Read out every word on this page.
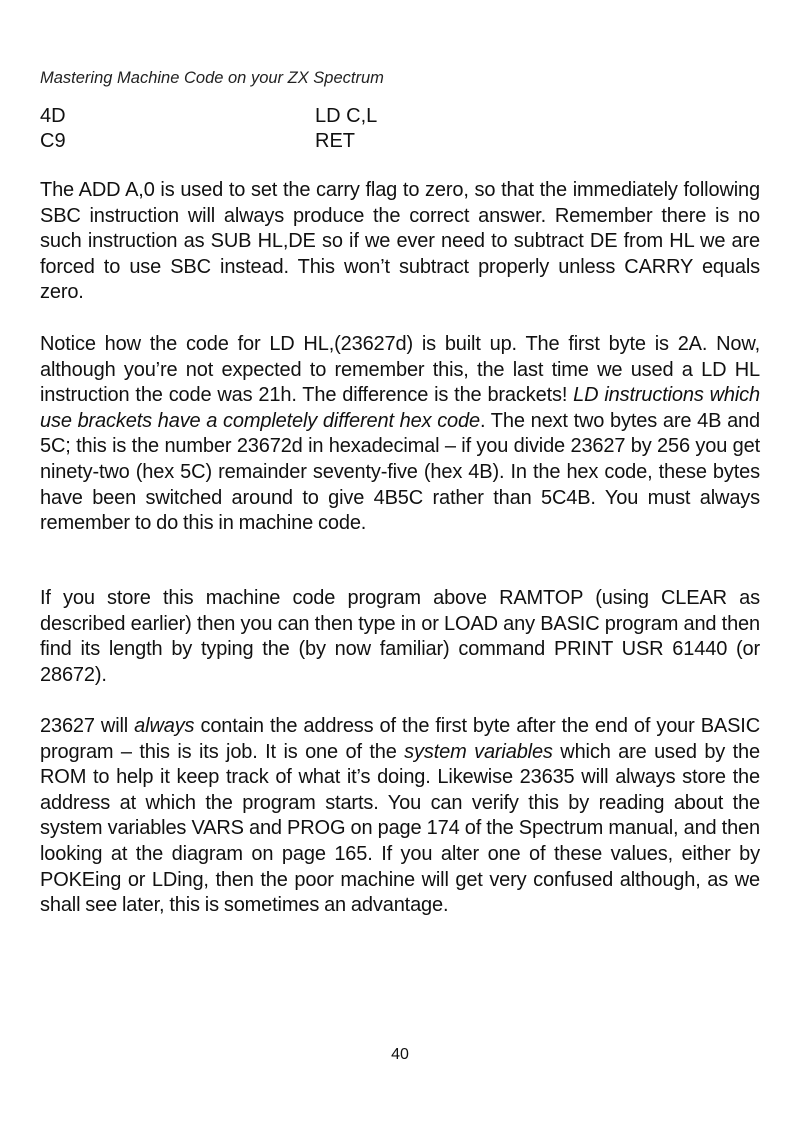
Mastering Machine Code on your ZX Spectrum
4D	LD C,L
C9	RET

The ADD A,0 is used to set the carry flag to zero, so that the immediately following SBC instruction will always produce the correct answer. Remember there is no such instruction as SUB HL,DE so if we ever need to subtract DE from HL we are forced to use SBC instead. This won’t subtract properly unless CARRY equals zero.

Notice how the code for LD HL,(23627d) is built up. The first byte is 2A. Now, although you’re not expected to remember this, the last time we used a LD HL instruction the code was 21h. The difference is the brackets! LD instructions which use brackets have a completely different hex code. The next two bytes are 4B and 5C; this is the number 23672d in hexadecimal – if you divide 23627 by 256 you get ninety-two (hex 5C) remainder seventy-five (hex 4B). In the hex code, these bytes have been switched around to give 4B5C rather than 5C4B. You must always remember to do this in machine code.

If you store this machine code program above RAMTOP (using CLEAR as described earlier) then you can then type in or LOAD any BASIC program and then find its length by typing the (by now familiar) command PRINT USR 61440 (or 28672).

23627 will always contain the address of the first byte after the end of your BASIC program – this is its job. It is one of the system variables which are used by the ROM to help it keep track of what it’s doing. Likewise 23635 will always store the address at which the program starts. You can verify this by reading about the system variables VARS and PROG on page 174 of the Spectrum manual, and then looking at the diagram on page 165. If you alter one of these values, either by POKEing or LDing, then the poor machine will get very confused although, as we shall see later, this is sometimes an advantage.

40
